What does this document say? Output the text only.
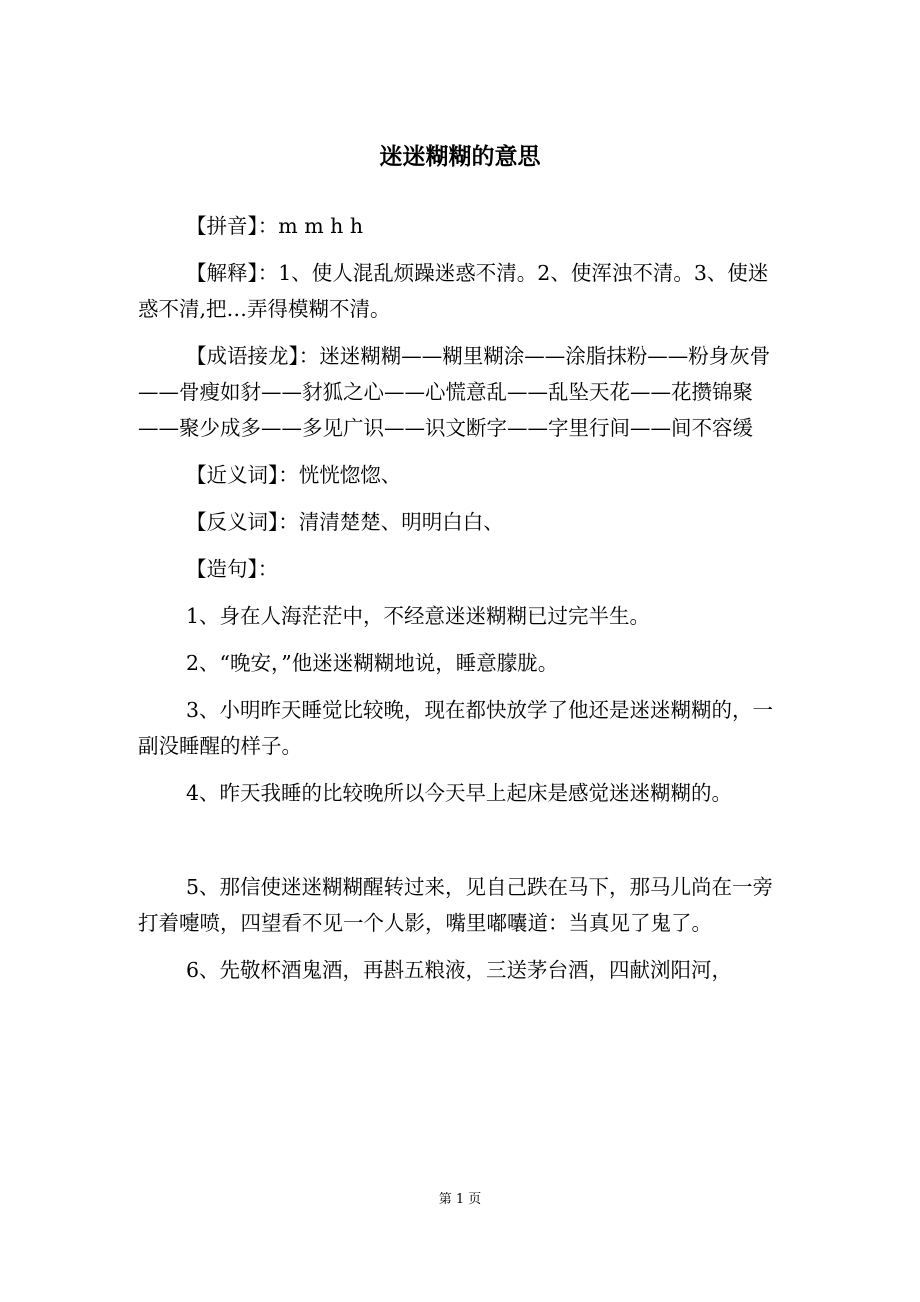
迷迷糊糊的意思

【拼音】：m m h h

【解释】：1、使人混乱烦躁迷惑不清。2、使浑浊不清。3、使迷惑不清,把…弄得模糊不清。

【成语接龙】：迷迷糊糊——糊里糊涂——涂脂抹粉——粉身灰骨——骨瘦如豺——豺狐之心——心慌意乱——乱坠天花——花攒锦聚——聚少成多——多见广识——识文断字——字里行间——间不容缓

【近义词】：恍恍惚惚、

【反义词】：清清楚楚、明明白白、

【造句】：

1、身在人海茫茫中，不经意迷迷糊糊已过完半生。

2、“晚安，”他迷迷糊糊地说，睡意朦胧。

3、小明昨天睡觉比较晚，现在都快放学了他还是迷迷糊糊的，一副没睡醒的样子。

4、昨天我睡的比较晚所以今天早上起床是感觉迷迷糊糊的。

5、那信使迷迷糊糊醒转过来，见自己跌在马下，那马儿尚在一旁打着嚏喷，四望看不见一个人影，嘴里嘟囔道：当真见了鬼了。

6、先敬杯酒鬼酒，再斟五粮液，三送茅台酒，四献浏阳河，

第 1 页
